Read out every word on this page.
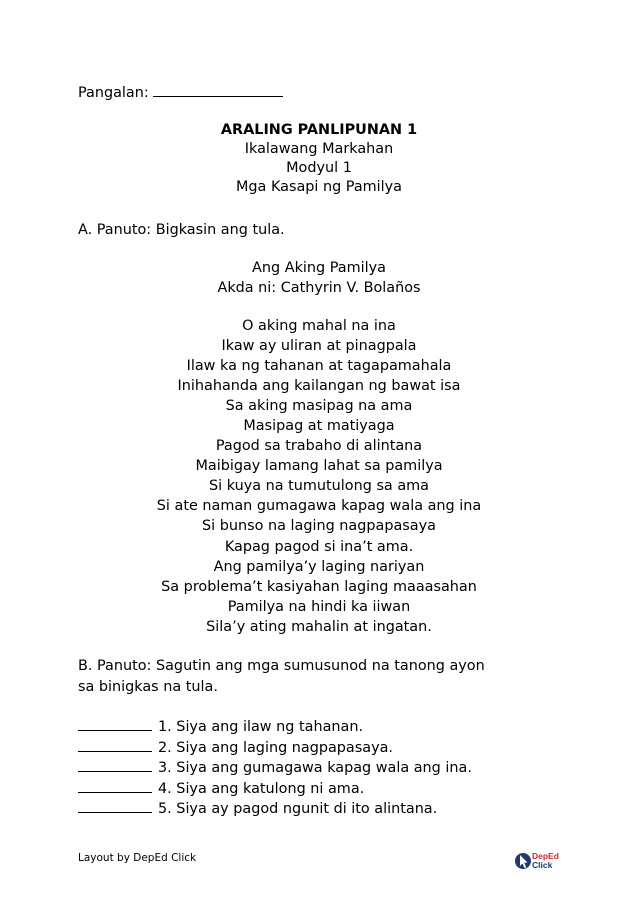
Pangalan:
ARALING PANLIPUNAN 1
Ikalawang Markahan
Modyul 1
Mga Kasapi ng Pamilya
A. Panuto: Bigkasin ang tula.
Ang Aking Pamilya
Akda ni: Cathyrin V. Bolaños
O aking mahal na ina
Ikaw ay uliran at pinagpala
Ilaw ka ng tahanan at tagapamahala
Inihahanda ang kailangan ng bawat isa
Sa aking masipag na ama
Masipag at matiyaga
Pagod sa trabaho di alintana
Maibigay lamang lahat sa pamilya
Si kuya na tumutulong sa ama
Si ate naman gumagawa kapag wala ang ina
Si bunso na laging nagpapasaya
Kapag pagod si ina’t ama.
Ang pamilya’y laging nariyan
Sa problema’t kasiyahan laging maaasahan
Pamilya na hindi ka iiwan
Sila’y ating mahalin at ingatan.
B. Panuto: Sagutin ang mga sumusunod na tanong ayon
sa binigkas na tula.
1. Siya ang ilaw ng tahanan.
2. Siya ang laging nagpapasaya.
3. Siya ang gumagawa kapag wala ang ina.
4. Siya ang katulong ni ama.
5. Siya ay pagod ngunit di ito alintana.
Layout by DepEd Click	DepEd
Click
